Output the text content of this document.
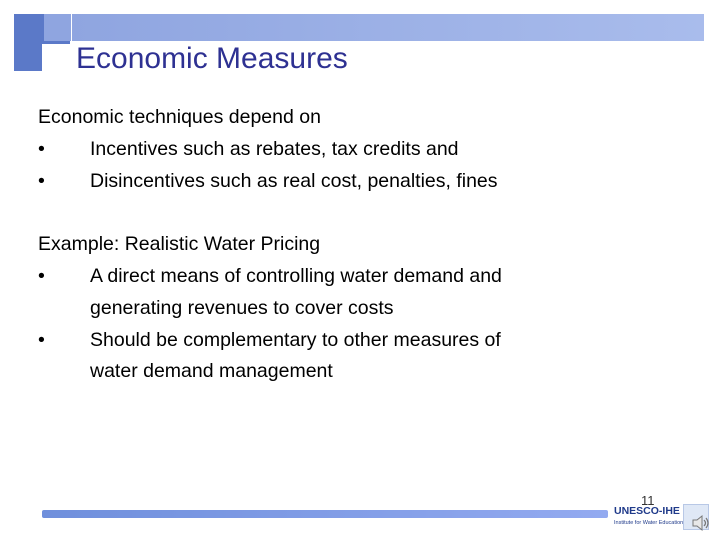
Economic Measures
Economic techniques depend on
•	Incentives such as rebates, tax credits and
•	Disincentives such as real cost, penalties, fines
Example: Realistic Water Pricing
•	A direct means of controlling water demand and
generating revenues to cover costs
•	Should be complementary to other measures of
water demand management
11
UNESCO-IHE
Institute for Water Education
